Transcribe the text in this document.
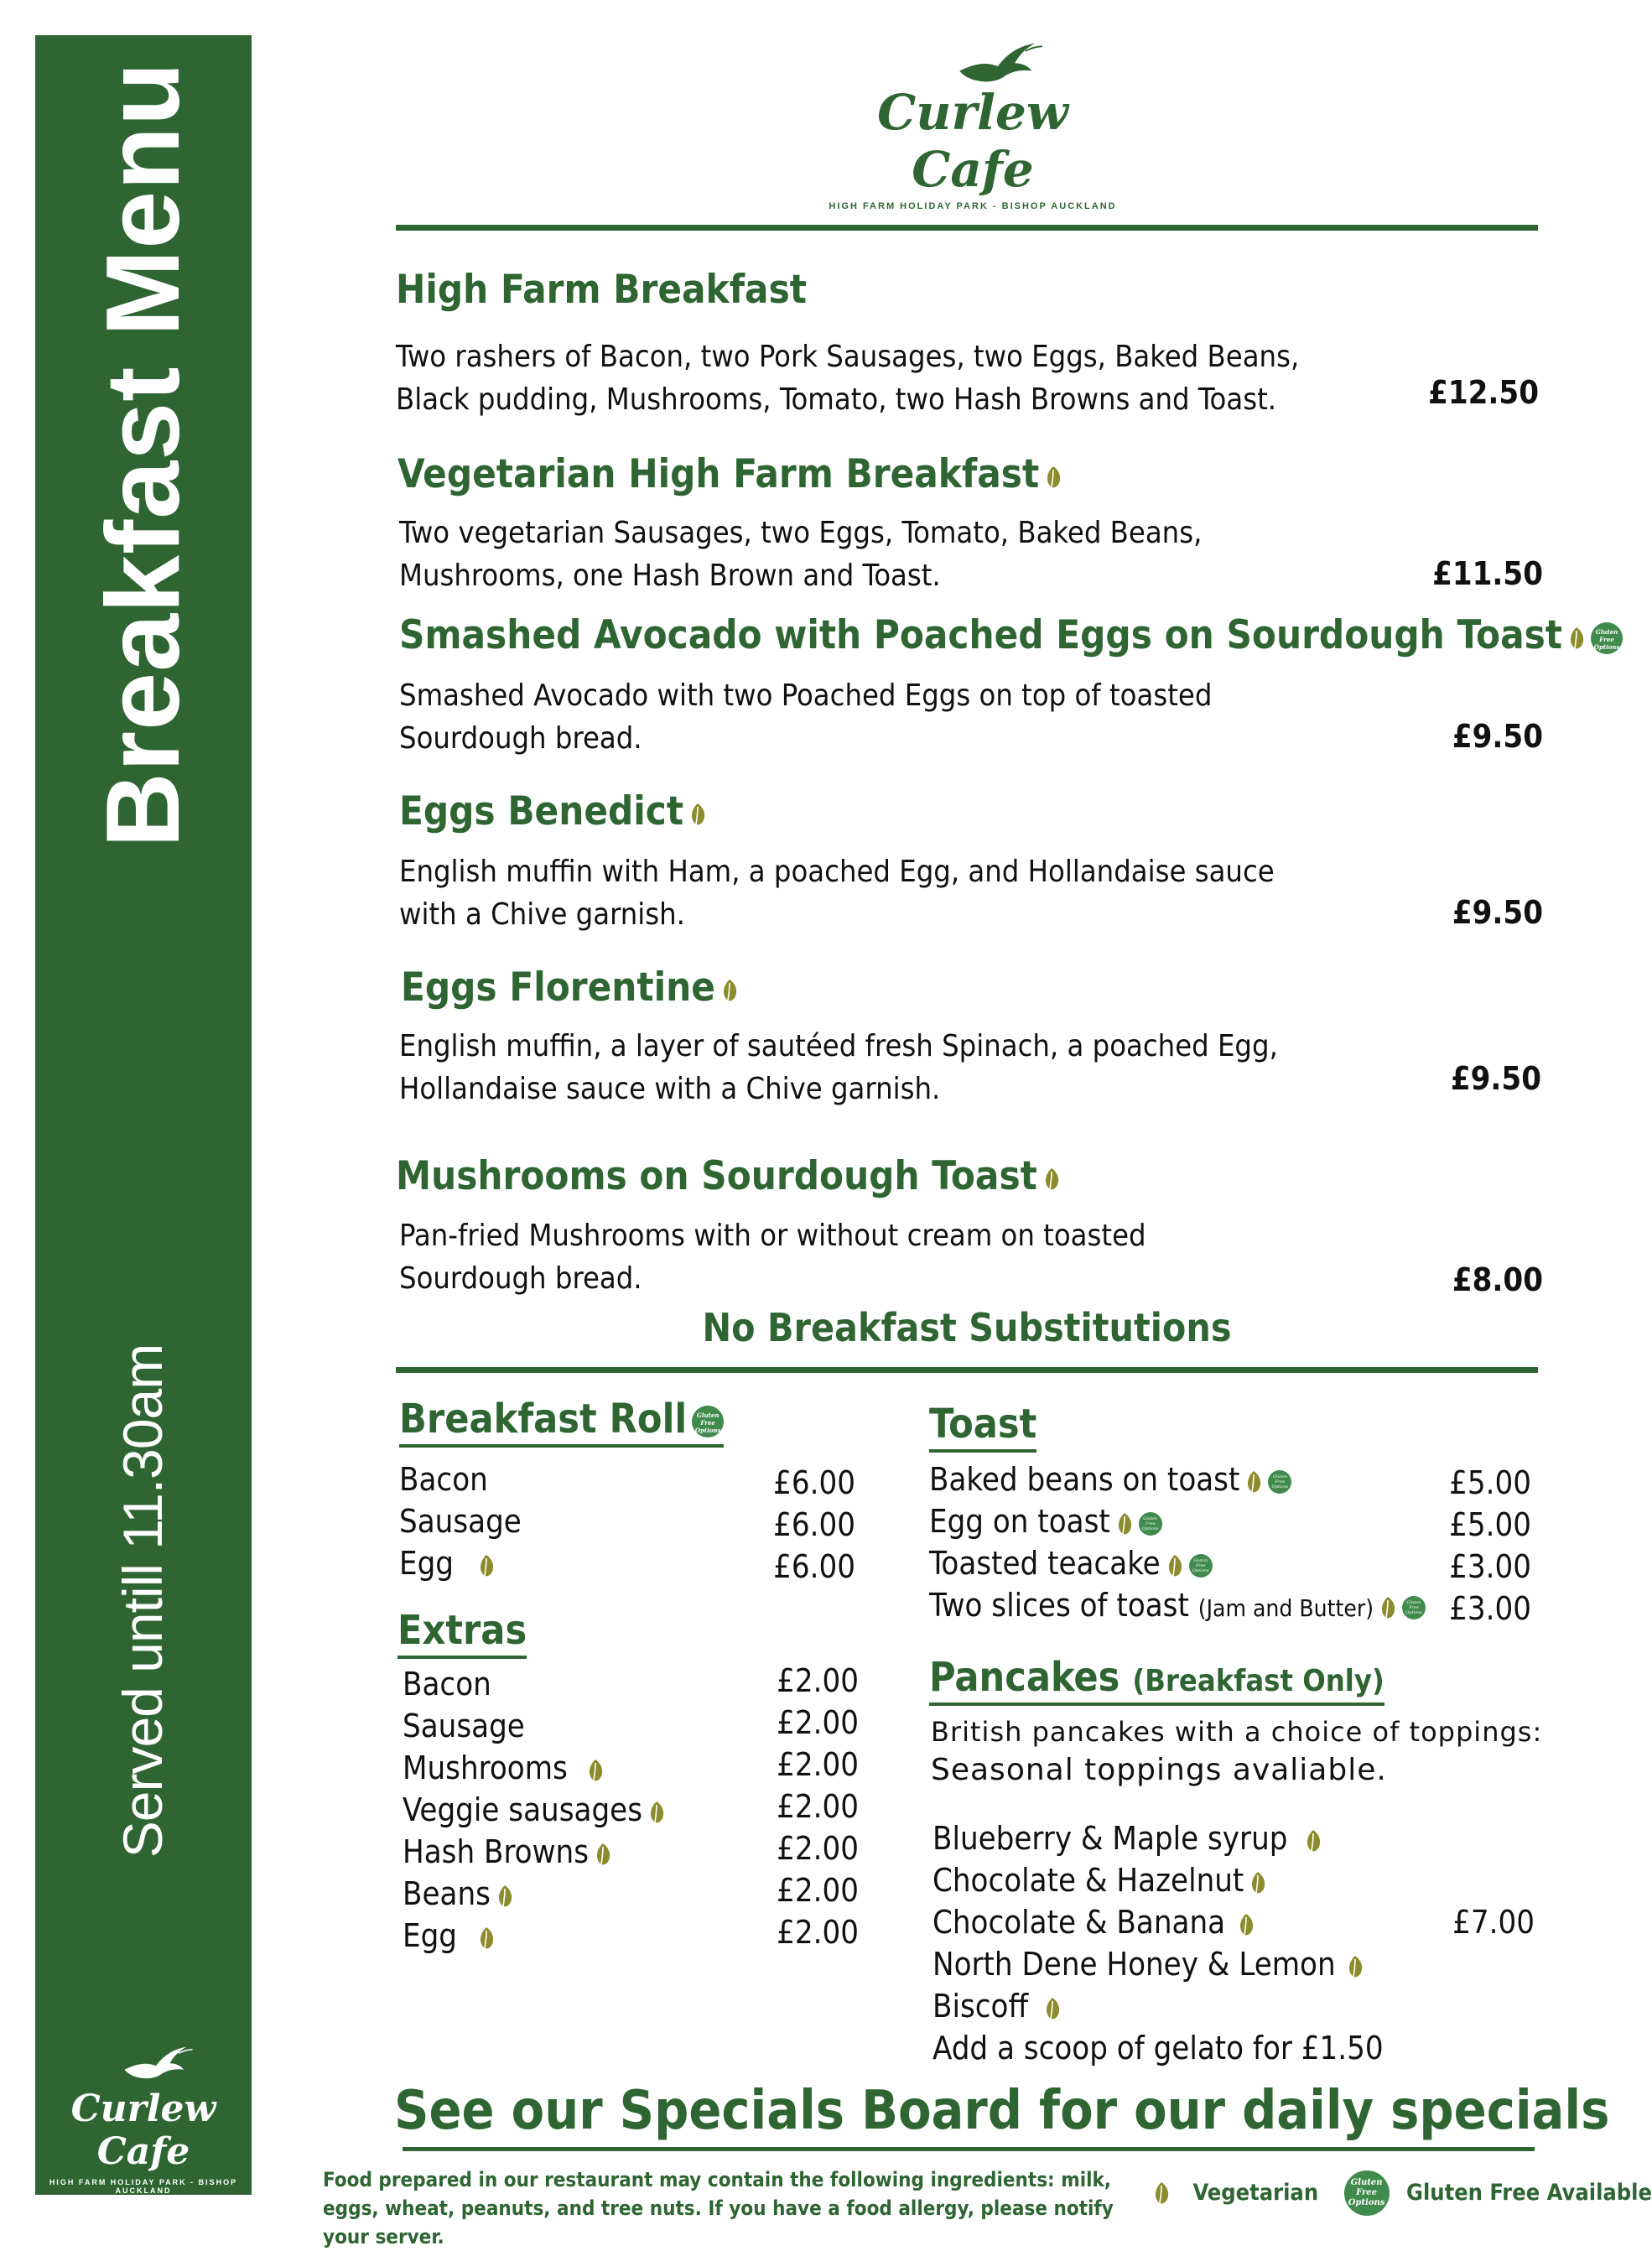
Breakfast Menu
Served untill 11.30am
Curlew Cafe
HIGH FARM HOLIDAY PARK - BISHOP AUCKLAND
Curlew Cafe
HIGH FARM HOLIDAY PARK - BISHOP AUCKLAND
High Farm Breakfast
Two rashers of Bacon, two Pork Sausages, two Eggs, Baked Beans,
Black pudding, Mushrooms, Tomato, two Hash Browns and Toast.	£12.50
Vegetarian High Farm Breakfast
Two vegetarian Sausages, two Eggs, Tomato, Baked Beans,
Mushrooms, one Hash Brown and Toast.	£11.50
Smashed Avocado with Poached Eggs on Sourdough Toast	Gluten
Free
Options
Smashed Avocado with two Poached Eggs on top of toasted
Sourdough bread.	£9.50
Eggs Benedict
English muffin with Ham, a poached Egg, and Hollandaise sauce
with a Chive garnish.	£9.50
Eggs Florentine
English muffin, a layer of sautéed fresh Spinach, a poached Egg,
Hollandaise sauce with a Chive garnish.	£9.50
Mushrooms on Sourdough Toast
Pan-fried Mushrooms with or without cream on toasted
Sourdough bread.	£8.00
No Breakfast Substitutions
Breakfast Roll Gluten
Free
Options
Bacon	£6.00
Sausage	£6.00
Egg	£6.00
Extras
Bacon	£2.00
Sausage	£2.00
Mushrooms	£2.00
Veggie sausages	£2.00
Hash Browns	£2.00
Beans	£2.00
Egg	£2.00
Toast
Baked beans on toast	Gluten
Free
Options	£5.00
Egg on toast	Gluten
Free
Options	£5.00
Toasted teacake	Gluten
Free
Options	£3.00
Two slices of toast (Jam and Butter)	Gluten
Free
Options £3.00
Pancakes (Breakfast Only)
British pancakes with a choice of toppings:
Seasonal toppings avaliable.
Blueberry & Maple syrup
Chocolate & Hazelnut
Chocolate & Banana	£7.00
North Dene Honey & Lemon
Biscoff
Add a scoop of gelato for £1.50
See our Specials Board for our daily specials
Food prepared in our restaurant may contain the following ingredients: milk, eggs, wheat, peanuts, and tree nuts. If you have a food allergy, please notify your server.
Vegetarian	Gluten
Free
Options Gluten Free Available
